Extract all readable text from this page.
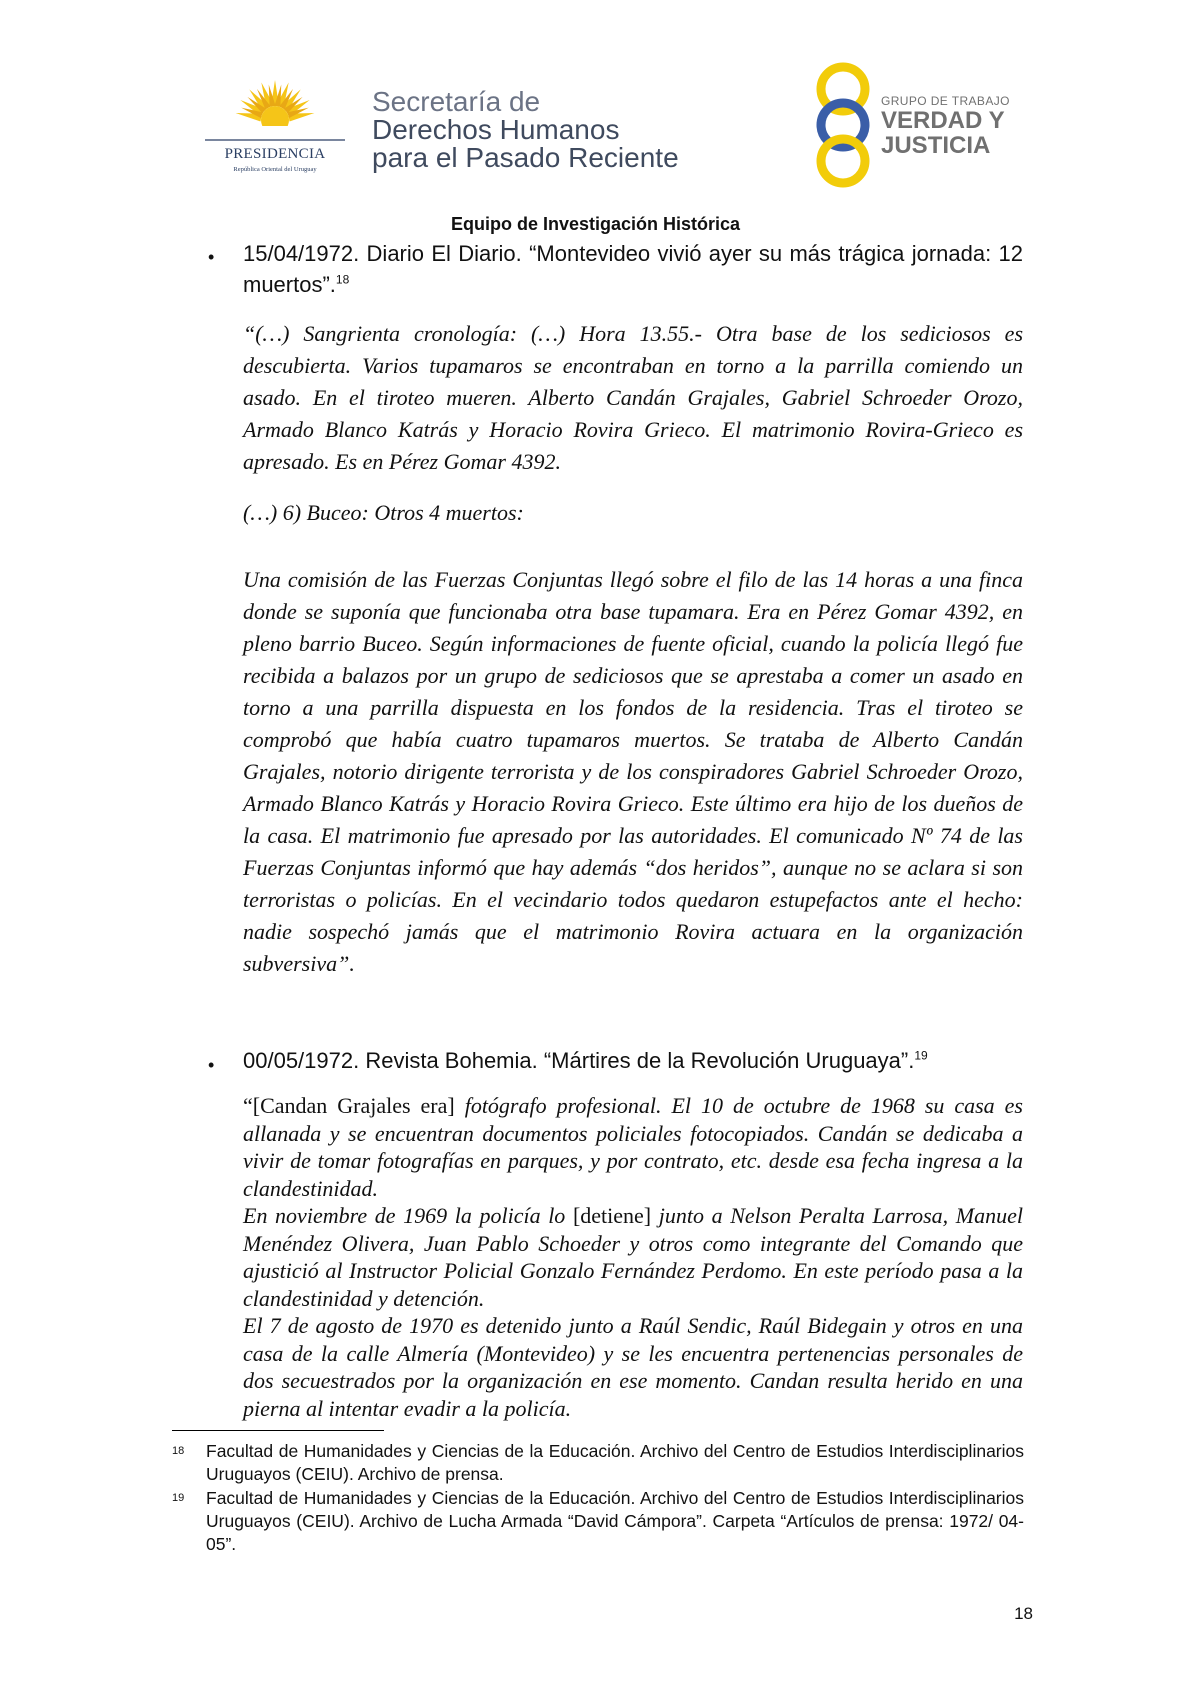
PRESIDENCIA
República Oriental del Uruguay
Secretaría de
Derechos Humanos
para el Pasado Reciente
GRUPO DE TRABAJO
VERDAD Y
JUSTICIA
Equipo de Investigación Histórica
• 15/04/1972. Diario El Diario. “Montevideo vivió ayer su más trágica jornada: 12 muertos”.$^{18}$
“(…) Sangrienta cronología: (…) Hora 13.55.- Otra base de los sediciosos es descubierta. Varios tupamaros se encontraban en torno a la parrilla comiendo un asado. En el tiroteo mueren. Alberto Candán Grajales, Gabriel Schroeder Orozo, Armado Blanco Katrás y Horacio Rovira Grieco. El matrimonio Rovira-Grieco es apresado. Es en Pérez Gomar 4392.
(…) 6) Buceo: Otros 4 muertos:
Una comisión de las Fuerzas Conjuntas llegó sobre el filo de las 14 horas a una finca donde se suponía que funcionaba otra base tupamara. Era en Pérez Gomar 4392, en pleno barrio Buceo. Según informaciones de fuente oficial, cuando la policía llegó fue recibida a balazos por un grupo de sediciosos que se aprestaba a comer un asado en torno a una parrilla dispuesta en los fondos de la residencia. Tras el tiroteo se comprobó que había cuatro tupamaros muertos. Se trataba de Alberto Candán Grajales, notorio dirigente terrorista y de los conspiradores Gabriel Schroeder Orozo, Armado Blanco Katrás y Horacio Rovira Grieco. Este último era hijo de los dueños de la casa. El matrimonio fue apresado por las autoridades. El comunicado Nº 74 de las Fuerzas Conjuntas informó que hay además “dos heridos”, aunque no se aclara si son terroristas o policías. En el vecindario todos quedaron estupefactos ante el hecho: nadie sospechó jamás que el matrimonio Rovira actuara en la organización subversiva”.
• 00/05/1972. Revista Bohemia. “Mártires de la Revolución Uruguaya”.$^{19}$
“[Candan Grajales era] fotógrafo profesional. El 10 de octubre de 1968 su casa es allanada y se encuentran documentos policiales fotocopiados. Candán se dedicaba a vivir de tomar fotografías en parques, y por contrato, etc. desde esa fecha ingresa a la clandestinidad.
En noviembre de 1969 la policía lo [detiene] junto a Nelson Peralta Larrosa, Manuel Menéndez Olivera, Juan Pablo Schoeder y otros como integrante del Comando que ajustició al Instructor Policial Gonzalo Fernández Perdomo. En este período pasa a la clandestinidad y detención.
El 7 de agosto de 1970 es detenido junto a Raúl Sendic, Raúl Bidegain y otros en una casa de la calle Almería (Montevideo) y se les encuentra pertenencias personales de dos secuestrados por la organización en ese momento. Candan resulta herido en una pierna al intentar evadir a la policía.
18 Facultad de Humanidades y Ciencias de la Educación. Archivo del Centro de Estudios Interdisciplinarios Uruguayos (CEIU). Archivo de prensa.
19 Facultad de Humanidades y Ciencias de la Educación. Archivo del Centro de Estudios Interdisciplinarios Uruguayos (CEIU). Archivo de Lucha Armada “David Cámpora”. Carpeta “Artículos de prensa: 1972/ 04-05”.
18
